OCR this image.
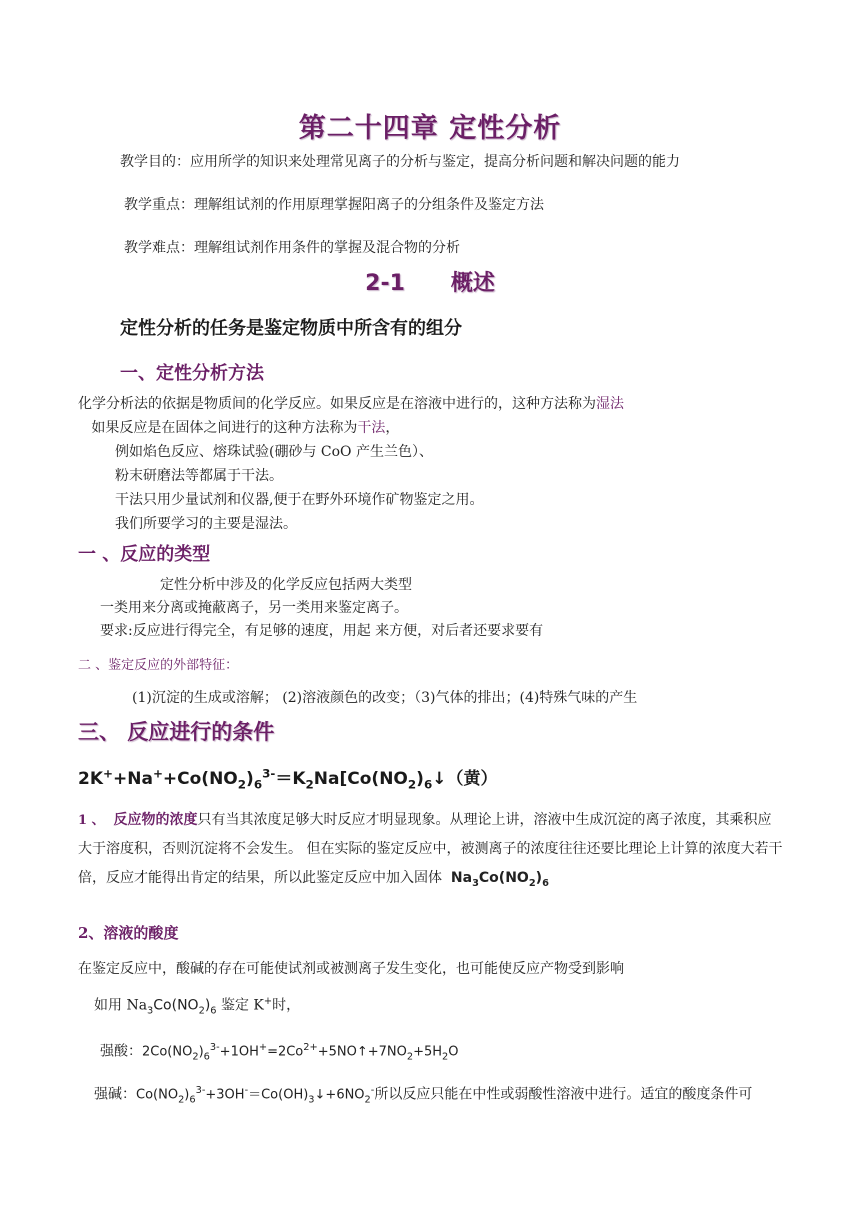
第二十四章 定性分析
教学目的：应用所学的知识来处理常见离子的分析与鉴定，提高分析问题和解决问题的能力
教学重点：理解组试剂的作用原理掌握阳离子的分组条件及鉴定方法
教学难点：理解组试剂作用条件的掌握及混合物的分析
2-1      概述
定性分析的任务是鉴定物质中所含有的组分
一、定性分析方法
化学分析法的依据是物质间的化学反应。如果反应是在溶液中进行的，这种方法称为湿法   如果反应是在固体之间进行的这种方法称为干法，
例如焰色反应、熔珠试验(硼砂与 CoO 产生兰色）、
粉末研磨法等都属于干法。
干法只用少量试剂和仪器,便于在野外环境作矿物鉴定之用。
我们所要学习的主要是湿法。
一 、反应的类型
定性分析中涉及的化学反应包括两大类型
一类用来分离或掩蔽离子，另一类用来鉴定离子。
要求:反应进行得完全，有足够的速度，用起 来方便，对后者还要求要有
二 、鉴定反应的外部特征：
(1)沉淀的生成或溶解； (2)溶液颜色的改变；（3)气体的排出；(4)特殊气味的产生
三、 反应进行的条件
$2K^++Na^++Co(NO_2)_6^{3-}=K_2Na[Co(NO_2)_6↓$（黄）
1 、 反应物的浓度只有当其浓度足够大时反应才明显现象。从理论上讲，溶液中生成沉淀的离子浓度，其乘积应大于溶度积，否则沉淀将不会发生。 但在实际的鉴定反应中，被测离子的浓度往往还要比理论上计算的浓度大若干倍，反应才能得出肯定的结果，所以此鉴定反应中加入固体 $Na_3Co(NO_2)_6$
2、溶液的酸度
在鉴定反应中，酸碱的存在可能使试剂或被测离子发生变化，也可能使反应产物受到影响
如用 $Na_3Co(NO_2)_6$ 鉴定 K+时，
强酸：$2Co(NO_2)_6^{3-}+1OH^+=2Co^{2+}+5NO↑+7NO_2+5H_2O$
强碱：$Co(NO_2)_6^{3-}+3OH^-=Co(OH)_3↓+6NO_2^-$所以反应只能在中性或弱酸性溶液中进行。适宜的酸度条件可
